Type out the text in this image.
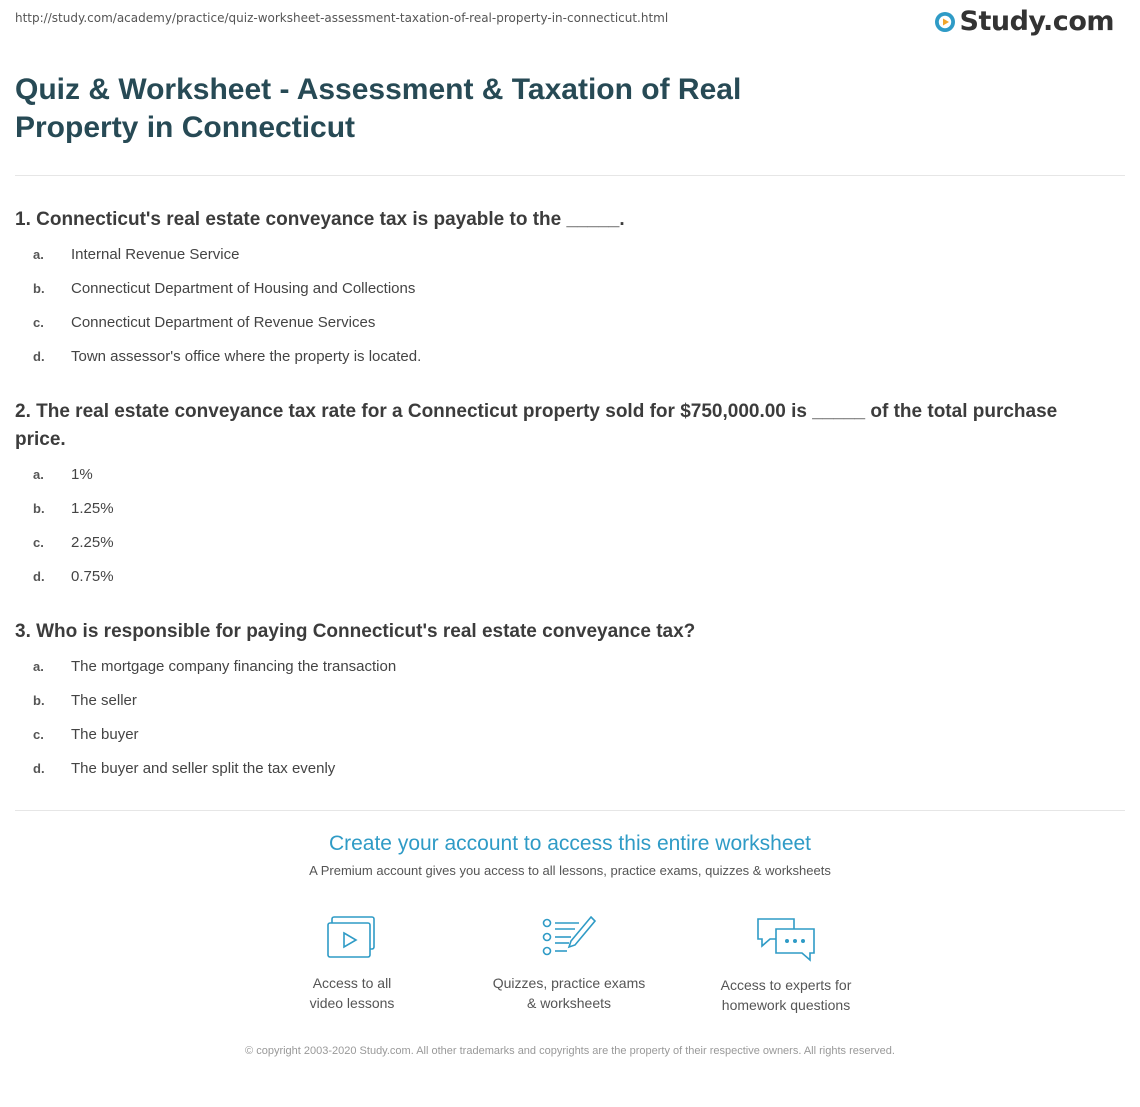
http://study.com/academy/practice/quiz-worksheet-assessment-taxation-of-real-property-in-connecticut.html	Study.com
Quiz & Worksheet - Assessment & Taxation of Real Property in Connecticut

1. Connecticut's real estate conveyance tax is payable to the _____.

a.	Internal Revenue Service
b.	Connecticut Department of Housing and Collections
c.	Connecticut Department of Revenue Services
d.	Town assessor's office where the property is located.

2. The real estate conveyance tax rate for a Connecticut property sold for $750,000.00 is _____ of the total purchase price.

a.	1%
b.	1.25%
c.	2.25%
d.	0.75%

3. Who is responsible for paying Connecticut's real estate conveyance tax?

a.	The mortgage company financing the transaction
b.	The seller
c.	The buyer
d.	The buyer and seller split the tax evenly
Create your account to access this entire worksheet
A Premium account gives you access to all lessons, practice exams, quizzes & worksheets
Access to all
video lessons
Quizzes, practice exams
& worksheets
Access to experts for
homework questions
© copyright 2003-2020 Study.com. All other trademarks and copyrights are the property of their respective owners. All rights reserved.
